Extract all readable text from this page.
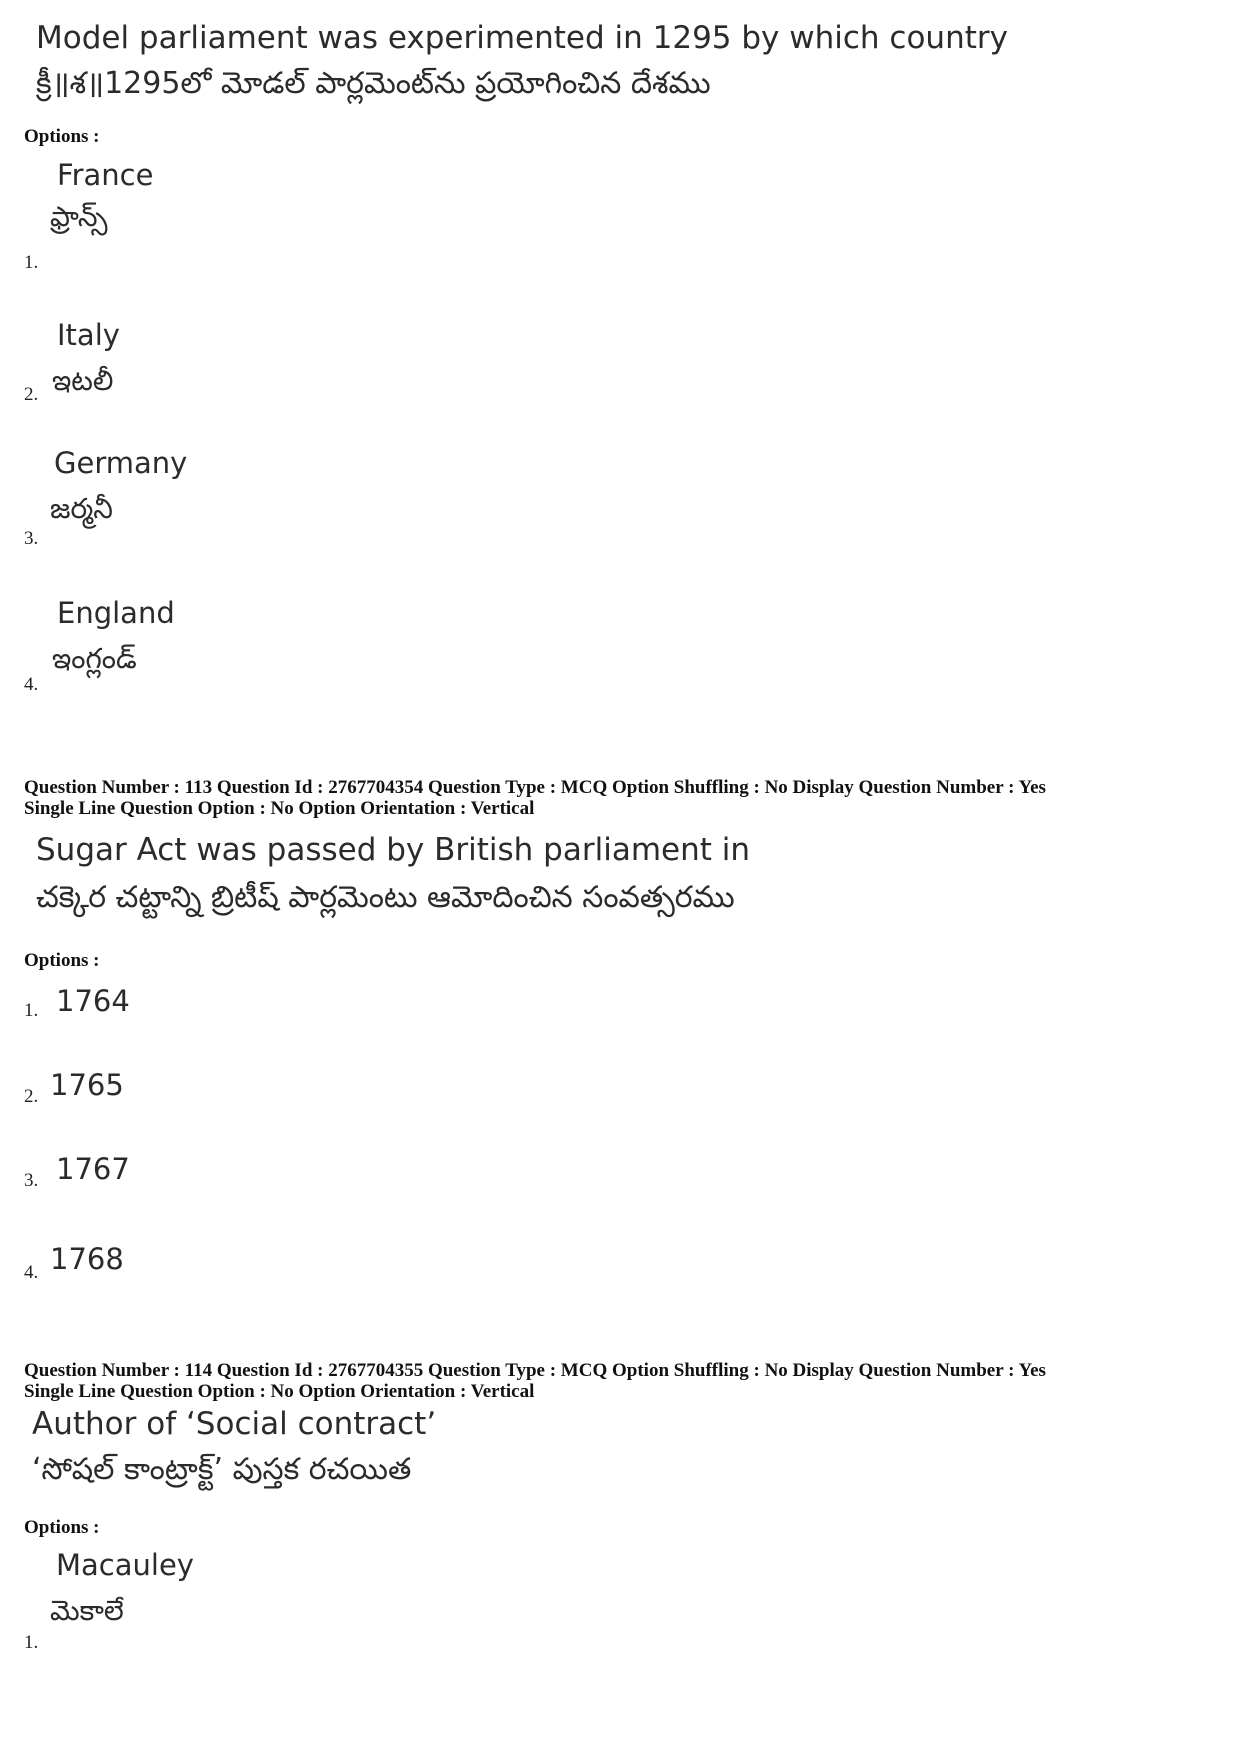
Model parliament was experimented in 1295 by which country
క్రీ॥శ॥1295లో మోడల్ పార్లమెంట్‌ను ప్రయోగించిన దేశము
Options :
France
ఫ్రాన్స్
1.
Italy
2. ఇటలీ
Germany
జర్మనీ
3.
England
ఇంగ్లండ్
4.
Question Number : 113 Question Id : 2767704354 Question Type : MCQ Option Shuffling : No Display Question Number : Yes
Single Line Question Option : No Option Orientation : Vertical
Sugar Act was passed by British parliament in
చక్కెర చట్టాన్ని బ్రిటీష్ పార్లమెంటు ఆమోదించిన సంవత్సరము
Options :
1. 1764
2. 1765
3. 1767
4. 1768
Question Number : 114 Question Id : 2767704355 Question Type : MCQ Option Shuffling : No Display Question Number : Yes
Single Line Question Option : No Option Orientation : Vertical
Author of ‘Social contract’
‘సోషల్ కాంట్రాక్ట్’ పుస్తక రచయిత
Options :
Macauley
మెకాలే
1.
